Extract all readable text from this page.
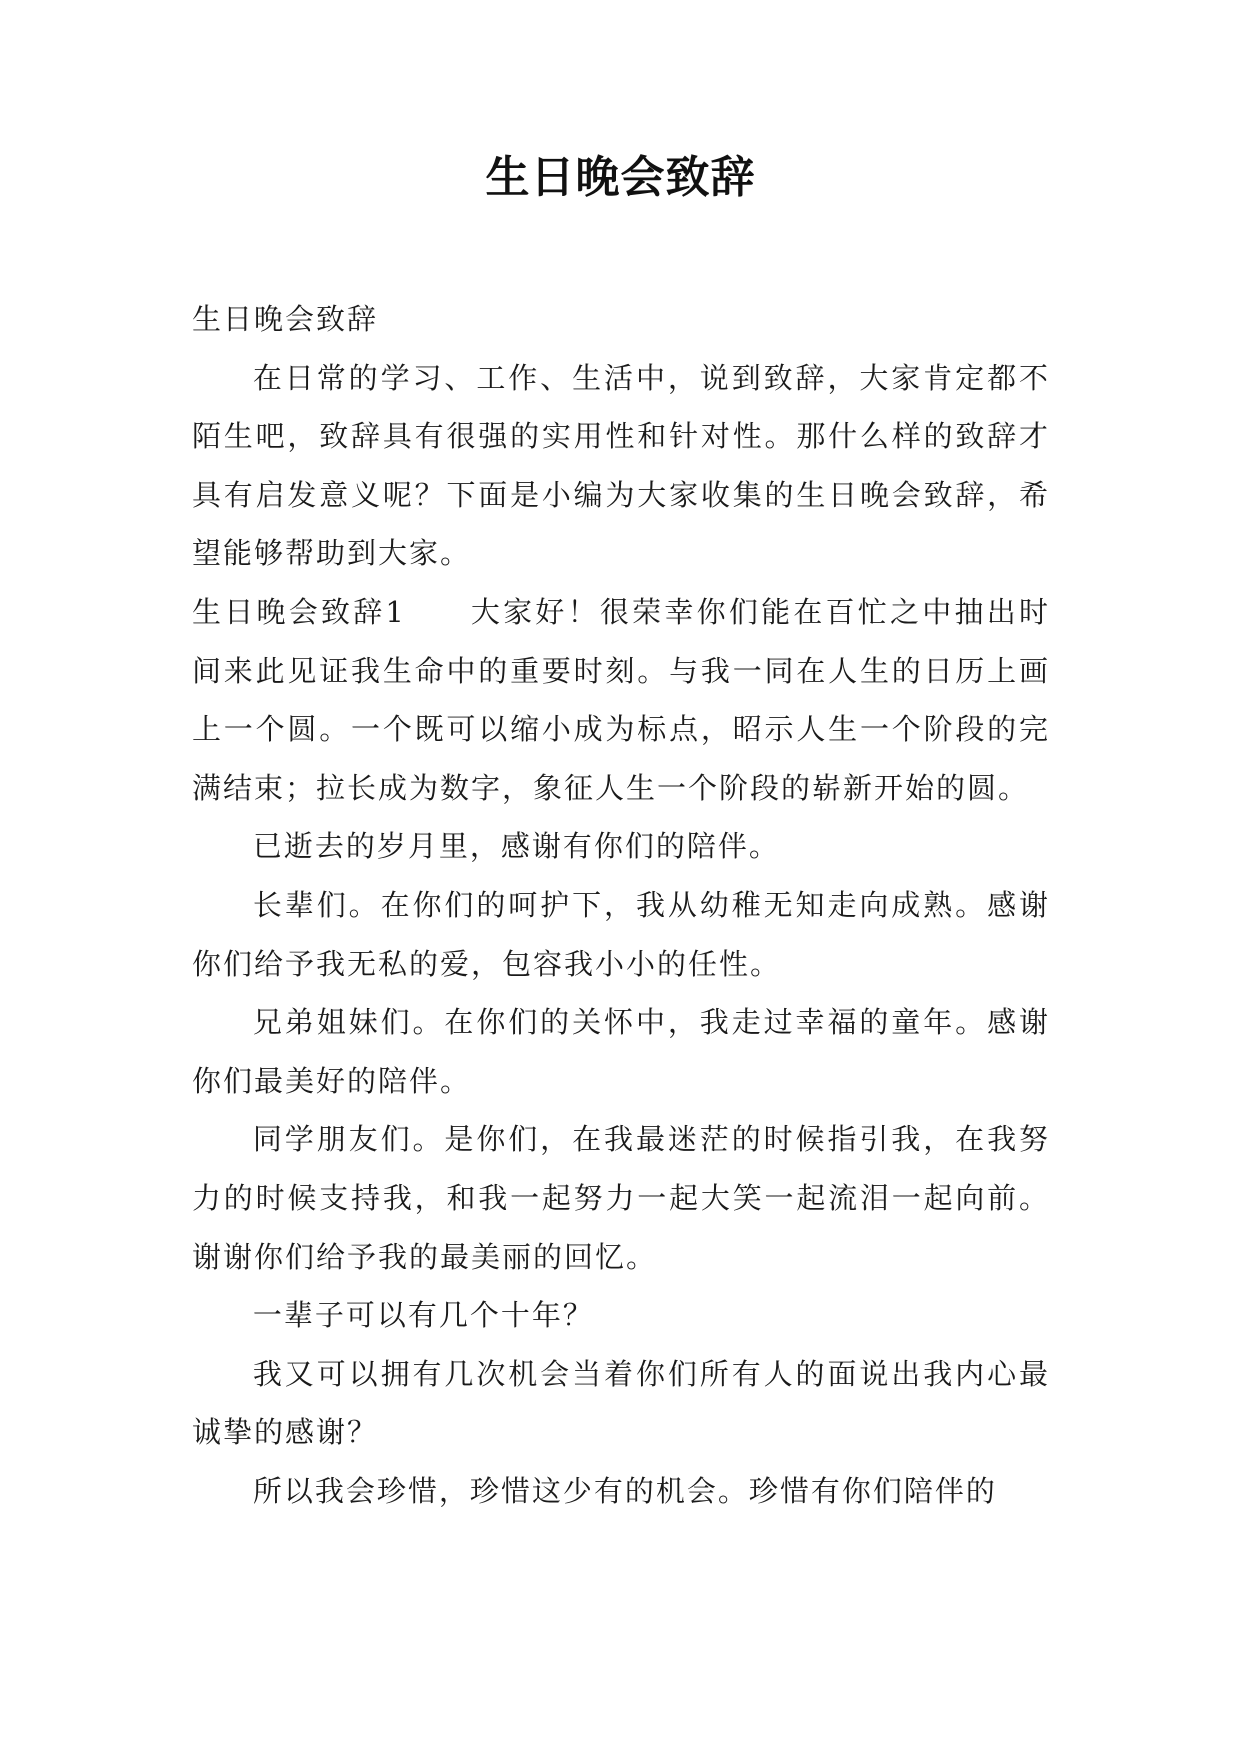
生日晚会致辞

生日晚会致辞

在日常的学习、工作、生活中，说到致辞，大家肯定都不陌生吧，致辞具有很强的实用性和针对性。那什么样的致辞才具有启发意义呢？下面是小编为大家收集的生日晚会致辞，希望能够帮助到大家。

生日晚会致辞1 大家好！很荣幸你们能在百忙之中抽出时间来此见证我生命中的重要时刻。与我一同在人生的日历上画上一个圆。一个既可以缩小成为标点，昭示人生一个阶段的完满结束；拉长成为数字，象征人生一个阶段的崭新开始的圆。

已逝去的岁月里，感谢有你们的陪伴。

长辈们。在你们的呵护下，我从幼稚无知走向成熟。感谢你们给予我无私的爱，包容我小小的任性。

兄弟姐妹们。在你们的关怀中，我走过幸福的童年。感谢你们最美好的陪伴。

同学朋友们。是你们，在我最迷茫的时候指引我，在我努力的时候支持我，和我一起努力一起大笑一起流泪一起向前。谢谢你们给予我的最美丽的回忆。

一辈子可以有几个十年？

我又可以拥有几次机会当着你们所有人的面说出我内心最诚挚的感谢？

所以我会珍惜，珍惜这少有的机会。珍惜有你们陪伴的
